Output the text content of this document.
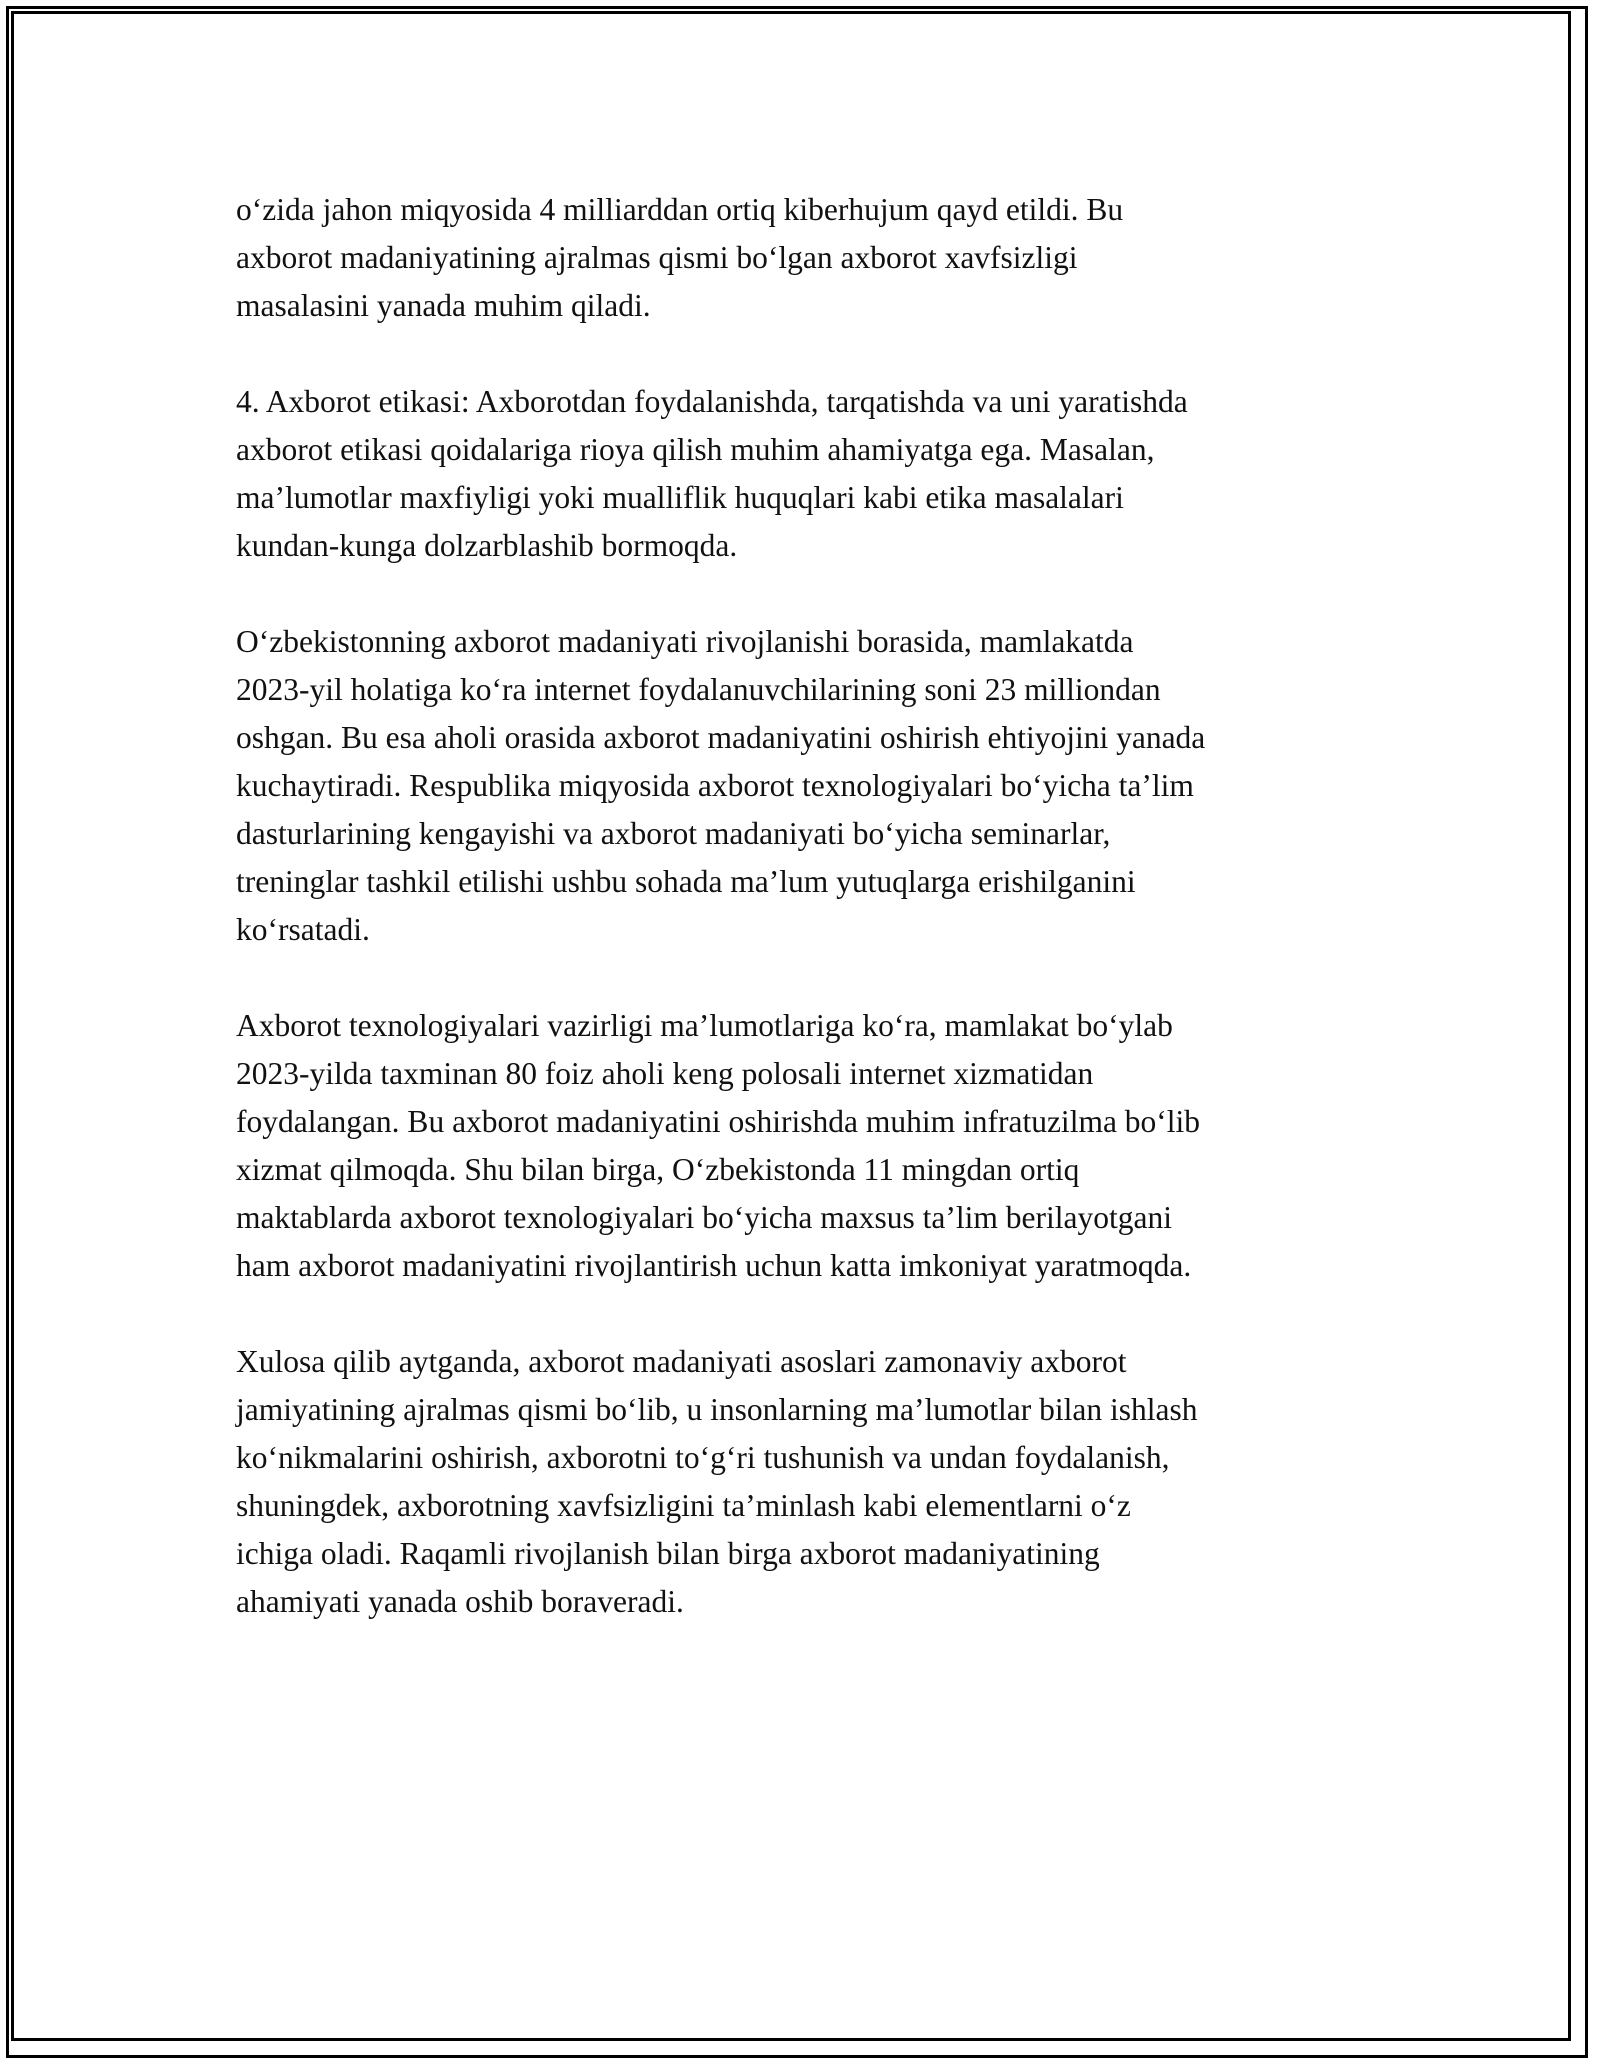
o‘zida jahon miqyosida 4 milliarddan ortiq kiberhujum qayd etildi. Bu
axborot madaniyatining ajralmas qismi bo‘lgan axborot xavfsizligi
masalasini yanada muhim qiladi.

4. Axborot etikasi: Axborotdan foydalanishda, tarqatishda va uni yaratishda
axborot etikasi qoidalariga rioya qilish muhim ahamiyatga ega. Masalan,
ma’lumotlar maxfiyligi yoki mualliflik huquqlari kabi etika masalalari
kundan-kunga dolzarblashib bormoqda.

O‘zbekistonning axborot madaniyati rivojlanishi borasida, mamlakatda
2023-yil holatiga ko‘ra internet foydalanuvchilarining soni 23 milliondan
oshgan. Bu esa aholi orasida axborot madaniyatini oshirish ehtiyojini yanada
kuchaytiradi. Respublika miqyosida axborot texnologiyalari bo‘yicha ta’lim
dasturlarining kengayishi va axborot madaniyati bo‘yicha seminarlar,
treninglar tashkil etilishi ushbu sohada ma’lum yutuqlarga erishilganini
ko‘rsatadi.

Axborot texnologiyalari vazirligi ma’lumotlariga ko‘ra, mamlakat bo‘ylab
2023-yilda taxminan 80 foiz aholi keng polosali internet xizmatidan
foydalangan. Bu axborot madaniyatini oshirishda muhim infratuzilma bo‘lib
xizmat qilmoqda. Shu bilan birga, O‘zbekistonda 11 mingdan ortiq
maktablarda axborot texnologiyalari bo‘yicha maxsus ta’lim berilayotgani
ham axborot madaniyatini rivojlantirish uchun katta imkoniyat yaratmoqda.

Xulosa qilib aytganda, axborot madaniyati asoslari zamonaviy axborot
jamiyatining ajralmas qismi bo‘lib, u insonlarning ma’lumotlar bilan ishlash
ko‘nikmalarini oshirish, axborotni to‘g‘ri tushunish va undan foydalanish,
shuningdek, axborotning xavfsizligini ta’minlash kabi elementlarni o‘z
ichiga oladi. Raqamli rivojlanish bilan birga axborot madaniyatining
ahamiyati yanada oshib boraveradi.
